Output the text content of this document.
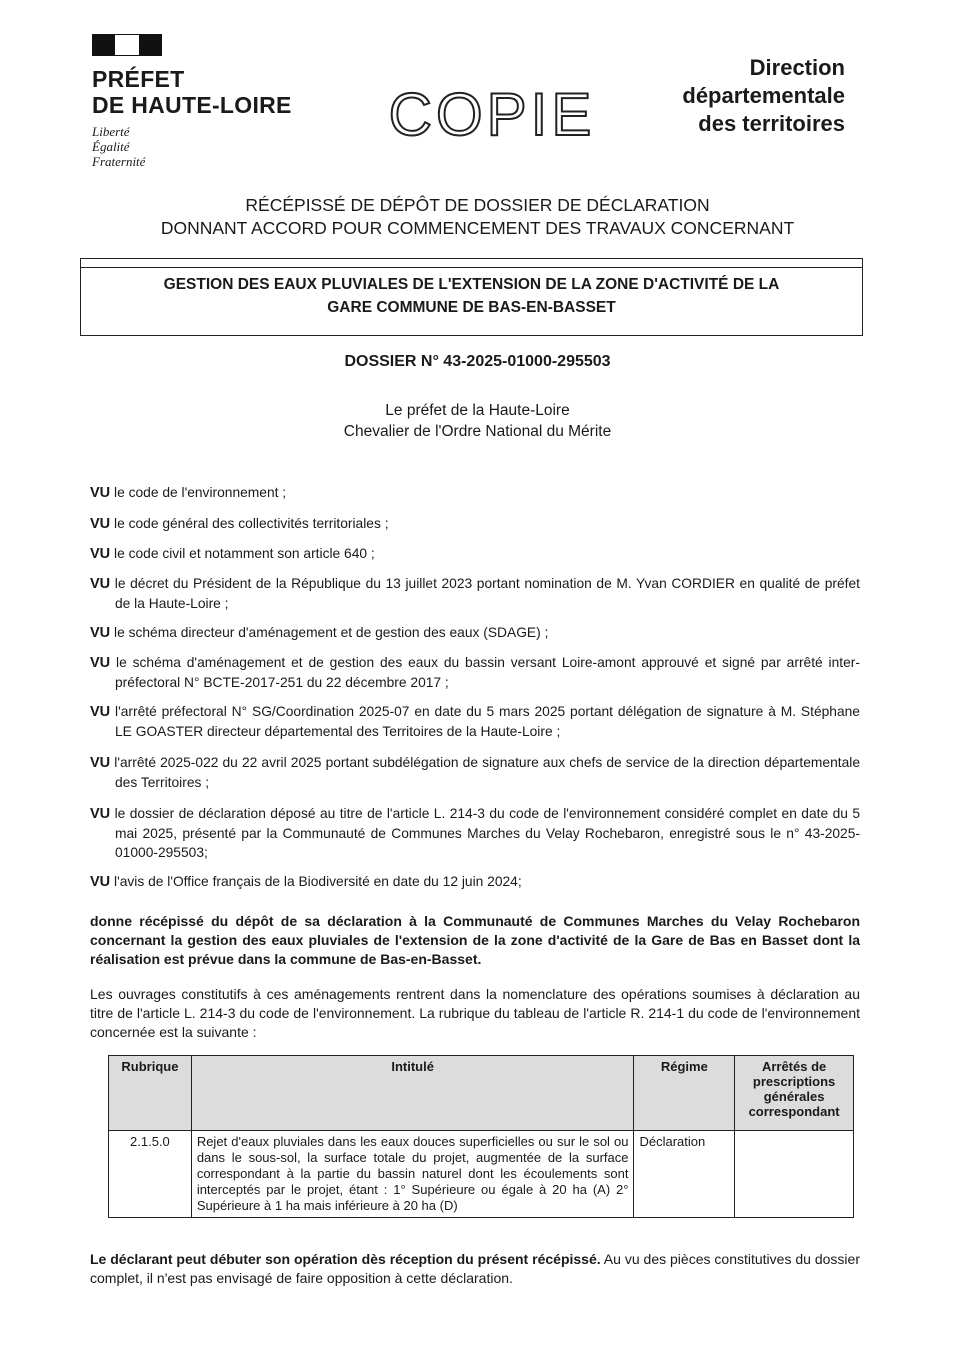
PRÉFET

DE HAUTE-LOIRE

Liberté

Égalité

Fraternité

COPIE
Direction
départementale
des territoires
RÉCÉPISSÉ DE DÉPÔT DE DOSSIER DE DÉCLARATION
DONNANT ACCORD POUR COMMENCEMENT DES TRAVAUX CONCERNANT
GESTION DES EAUX PLUVIALES DE L'EXTENSION DE LA ZONE D'ACTIVITÉ DE LA
GARE COMMUNE DE BAS-EN-BASSET
DOSSIER N° 43-2025-01000-295503
Le préfet de la Haute-Loire
Chevalier de l'Ordre National du Mérite

VU le code de l'environnement ;

VU le code général des collectivités territoriales ;

VU le code civil et notamment son article 640 ;

VU le décret du Président de la République du 13 juillet 2023 portant nomination de M. Yvan CORDIER en qualité de préfet de la Haute-Loire ;

VU le schéma directeur d'aménagement et de gestion des eaux (SDAGE) ;

VU le schéma d'aménagement et de gestion des eaux du bassin versant Loire-amont approuvé et signé par arrêté inter-préfectoral N° BCTE-2017-251 du 22 décembre 2017 ;

VU l'arrêté préfectoral N° SG/Coordination 2025-07 en date du 5 mars 2025 portant délégation de signature à M. Stéphane LE GOASTER directeur départemental des Territoires de la Haute-Loire ;

VU l'arrêté 2025-022 du 22 avril 2025 portant subdélégation de signature aux chefs de service de la direction départementale des Territoires ;

VU le dossier de déclaration déposé au titre de l'article L. 214-3 du code de l'environnement considéré complet en date du 5 mai 2025, présenté par la Communauté de Communes Marches du Velay Rochebaron, enregistré sous le n° 43-2025-01000-295503;

VU l'avis de l'Office français de la Biodiversité en date du 12 juin 2024;

donne récépissé du dépôt de sa déclaration à la Communauté de Communes Marches du Velay Rochebaron concernant la gestion des eaux pluviales de l'extension de la zone d'activité de la Gare de Bas en Basset dont la réalisation est prévue dans la commune de Bas-en-Basset.
Les ouvrages constitutifs à ces aménagements rentrent dans la nomenclature des opérations soumises à déclaration au titre de l'article L. 214-3 du code de l'environnement. La rubrique du tableau de l'article R. 214-1 du code de l'environnement concernée est la suivante :
Rubrique	Intitulé	Régime	Arrêtés de prescriptions générales correspondant
2.1.5.0	Rejet d'eaux pluviales dans les eaux douces superficielles ou sur le sol ou dans le sous-sol, la surface totale du projet, augmentée de la surface correspondant à la partie du bassin naturel dont les écoulements sont interceptés par le projet, étant : 1° Supérieure ou égale à 20 ha (A) 2° Supérieure à 1 ha mais inférieure à 20 ha (D)	Déclaration	
Le déclarant peut débuter son opération dès réception du présent récépissé. Au vu des pièces constitutives du dossier complet, il n'est pas envisagé de faire opposition à cette déclaration.
